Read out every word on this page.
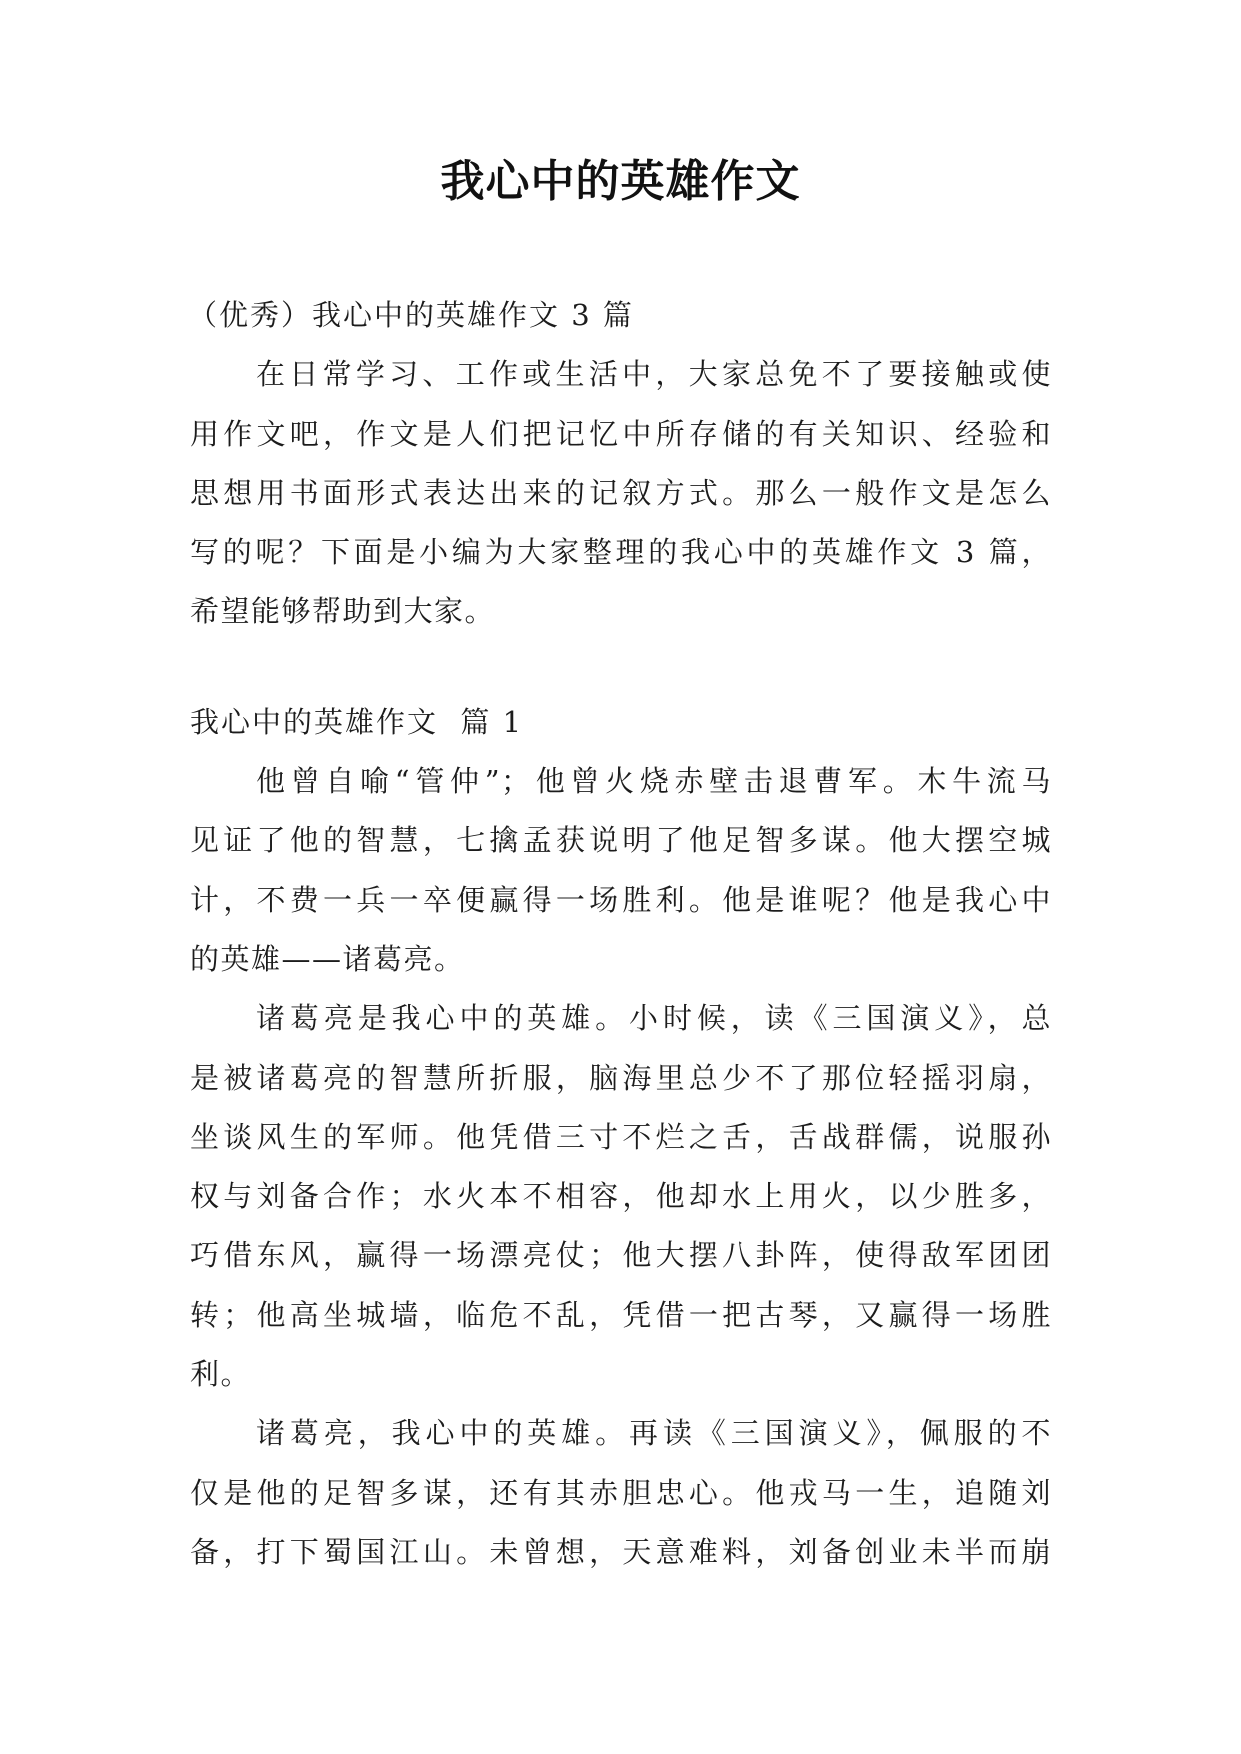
我心中的英雄作文
（优秀）我心中的英雄作文 3 篇
在日常学习、工作或生活中，大家总免不了要接触或使
用作文吧，作文是人们把记忆中所存储的有关知识、经验和
思想用书面形式表达出来的记叙方式。那么一般作文是怎么
写的呢？下面是小编为大家整理的我心中的英雄作文 3 篇，
希望能够帮助到大家。
我心中的英雄作文  篇 1
他曾自喻“管仲”；他曾火烧赤壁击退曹军。木牛流马
见证了他的智慧，七擒孟获说明了他足智多谋。他大摆空城
计，不费一兵一卒便赢得一场胜利。他是谁呢？他是我心中
的英雄——诸葛亮。
诸葛亮是我心中的英雄。小时候，读《三国演义》，总
是被诸葛亮的智慧所折服，脑海里总少不了那位轻摇羽扇，
坐谈风生的军师。他凭借三寸不烂之舌，舌战群儒，说服孙
权与刘备合作；水火本不相容，他却水上用火，以少胜多，
巧借东风，赢得一场漂亮仗；他大摆八卦阵，使得敌军团团
转；他高坐城墙，临危不乱，凭借一把古琴，又赢得一场胜
利。
诸葛亮，我心中的英雄。再读《三国演义》，佩服的不
仅是他的足智多谋，还有其赤胆忠心。他戎马一生，追随刘
备，打下蜀国江山。未曾想，天意难料，刘备创业未半而崩
